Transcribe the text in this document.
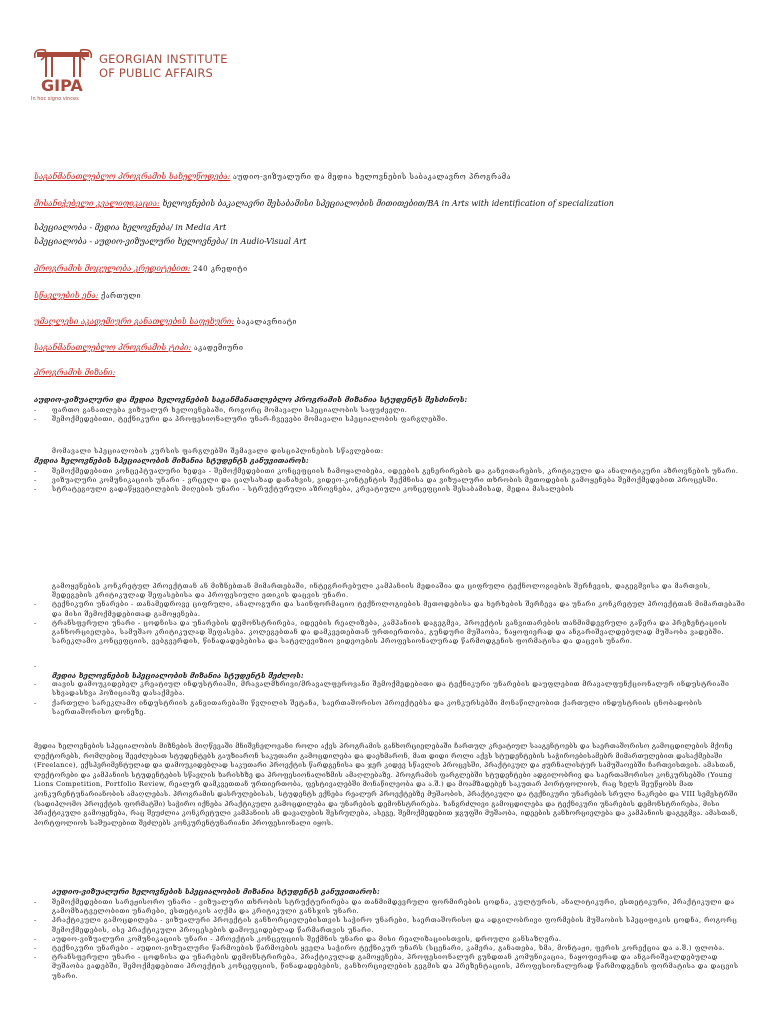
GIPA
GEORGIAN INSTITUTE
OF PUBLIC AFFAIRS
In hoc signo vinces
საგანმანათლებლო პროგრამის სახელწოდება: აუდიო-ვიზუალური და მედია ხელოვნების საბაკალავრო პროგრამა
მისანიჭებელი კვალიფიკაცია: ხელოვნების ბაკალავრი შესაბამისი სპეციალობის მითითებით/BA in Arts with identification of specialization
სპეციალობა - მედია ხელოვნება/ in Media Art
სპეციალობა - აუდიო-ვიზუალური ხელოვნება/ in Audio-Visual Art
პროგრამის მოცულობა კრედიტებით: 240 კრედიტი
სწავლების ენა: ქართული
უმაღლესი აკადემიური განათლების საფეხური: ბაკალავრიატი
საგანმანათლებლო პროგრამის ტიპი: აკადემიური
პროგრამის მიზანი:
აუდიო-ვიზუალური და მედია ხელოვნების საგანმანათლებლო პროგრამის მიზანია სტუდენტს შესძინოს:
- ფართო განათლება ვიზუალურ ხელოვნებაში, როგორც მომავალი სპეციალობის საფუძველი.
- შემოქმედებითი, ტექნიკური და პროფესიონალური უნარ-ჩვევები მომავალი სპეციალობის ფარგლებში.
მომავალი სპეციალობის კურსის ფარგლებში შემავალი დისციპლინების სწავლებით:
მედია ხელოვნების სპეციალობის მიზანია სტუდენტს განუვითაროს:
- შემოქმედებითი კონცეპტუალური ხედვა - შემოქმედებითი კონცეფციის ჩამოყალიბება, იდეების გენერირების და განვითარების, კრიტიკული და ანალიტიკური აზროვნების უნარი.
- ვიზუალური კომუნიკაციის უნარი - ვრცელი და ცალსახად დანახვის, ვიდეო-კონტენტის შექმნისა და ვიზუალური თხრობის მეთოდების გამოყენება შემოქმედებით პროცესში.
- სტრატეგიული გადაწყვეტილების მიღების უნარი - სტრუქტურული აზროვნება, კრეატიული კონცეფციის შესაბამისად, მედია მასალების
გამოყენების კონკრეტულ პროექტთან ან მიზნებთან მიმართებაში, ინტეგრირებული კამპანიის მედიაშია და ციფრული ტექნოლოგიების შერჩევის, დაგეგმვისა და მართვის, შედეგების კრიტიკულად შეფასებისა და პროფესიული ეთიკის დაცვის უნარი.
- ტექნიკური უნარები - თანამედროვე ციფრული, ანალოგური და საინფორმაციო ტექნოლოგიების მეთოდებისა და ხერხების შერჩევა და უნარი კონკრეტულ პროექტთან მიმართებაში და მისი შემოქმედებითად გამოყენება.
- ტრანსფერული უნარი - ცოდნისა და უნარების დემონსტრირება, იდეების რეალიზება, კამპანიის დაგეგმვა, პროექტის განვითარების თანმიმდევრული გაწერა და პრეზენტაციის განხორციელება, სამუშაო კრიტიკულად შეფასება. კოლეგებთან და დამკვეთებთან ურთიერთობა, გუნდური მუშაობა, ნაყოფიერად და ანგარიშვალდებულად მუშაობა ვადებში. სარეკლამო კონცეფციის, ვებგვერდის, წინადადებებისა და სატელევიზიო ვიდეოების პროფესიონალურად წარმოდგენის ფორმატისა და დაცვის უნარი.
-
მედია ხელოვნების სპეციალობის მიზანია სტუდენტს შეძლოს:
- თავის დამოუკიდებელ კრეატიულ ინდუსტრიაში, მრავალმხრივი/მრავალფეროვანი შემოქმედებითი და ტექნიკური უნარების დაუფლებით მრავალფუნქციონალურ ინდუსტრიაში სხვადასხვა პოზიციაზე დასაქმება.
- ქართული სარეკლამო ინდუსტრიის განვითარებაში წვლილის შეტანა, საერთაშორისო პროექტებსა და კონკურსებში მონაწილეობით ქართული ინდუსტრიის ცნობადობის საერთაშორისო დონეზე.
მედია ხელოვნების სპეციალობის მიზნების მიღწევაში მნიშვნელოვანი როლი აქვს პროგრამის განხორციელებაში ჩართულ კრეატიულ სააგენტოებს და საერთაშორისო გამოცდილების მქონე ლექტორებს, რომლებიც შეეძლებათ სტუდენტებს გაუზიარონ საკუთარი გამოცდილება და დაეხმარონ, მათ დიდი როლი აქვს სტუდენტების საჭიროებისამებრ მიმართულებით დასაქმებაში (Freelance), ექსპერიმენტულად და დამოუკიდებლად საკუთარი პროექტის წარდგენისა და ჯერ კიდევ სწავლის პროცესში, პრაქტიკულ და ჟურნალისტურ სამუშაოებში ჩართვისთვის. ამასთან, ლექტორები და კამპანიის სტუდენტების სწავლის ხარისხზე და პროფესიონალიზმის ამაღლებაზე. პროგრამის ფარგლებში სტუდენტები ადგილობრივ და საერთაშორისო კონკურსებში (Young Lions Competition, Portfolio Review, რეალურ დამკვეთთან ურთიერთობა, ფესტივალებში მონაწილეობა და ა.შ.) და მოამზადებენ საკუთარ პორტფოლიოს, რაც ხელს შეუწყობს მათ კონკურენტუნარიანობის ამაღლებას. პროგრამის დასრულებისას, სტუდენტს ექნება რეალურ პროექტებზე მუშაობის, პრაქტიკული და ტექნიკური უნარების სრული ნაკრები და VIII სემესტრში (სადიპლომო პროექტის ფორმატში) საჭირო იქნება პრაქტიკული გამოცდილება და უნარების დემონსტრირება. ხანგრძლივი გამოცდილება და ტექნიკური უნარების დემონსტრირება, მისი პრაქტიკული გამოყენება, რაც შეუძლია კონკრეტული კამპანიის ან დავალების შესრულება, ასევე, შემოქმედებით ჯგუფში მუშაობა, იდეების განხორციელება და კამპანიის დაგეგმვა. ამასთან, პორტფოლიოს საშუალებით შეძლებს კონკურენტუნარიანი პროფესიონალი იყოს.
აუდიო-ვიზუალური ხელოვნების სპეციალობის მიზანია სტუდენტს განუვითაროს:
- შემოქმედებითი სარეჟისორო უნარი - ვიზუალური თხრობის სტრუქტურირება და თანმიმდევრული ფორმირების ცოდნა, კულტურის, ანალიტიკური, ესთეტიკური, პრაქტიკული და გამომხატველობითი უნარები, ესთეტიკის აღქმა და კრიტიკული განსჯის უნარი.
- პრაქტიკული გამოცდილება - ვიზუალური პროექტის განხორციელებისთვის საჭირო უნარები, საერთაშორისო და ადგილობრივი ფორმების მუშაობის სპეციფიკის ცოდნა, როგორც შემოქმედების, ისე პრაქტიკული პროცესების დამოუკიდებლად წარმართვის უნარი.
- აუდიო-ვიზუალური კომუნიკაციის უნარი - პროექტის კონცეფციის შექმნის უნარი და მისი რეალიზაციისთვის, დროული განსაზღვრა.
- ტექნიკური უნარები - აუდიო-ვიზუალური წარმოების წარმოების ყველა საჭირო ტექნიკურ უნარს (სცენარი, კამერა, განათება, ხმა, მონტაჟი, ფერის კორექცია და ა.შ.) ფლობა.
- ტრანსფერული უნარი - ცოდნისა და უნარების დემონსტრირება, პრაქტიკულად გამოყენება, პროფესიონალურ გუნდთან კომუნიკაცია, ნაყოფიერად და ანგარიშვალდებულად მუშაობა ვადებში, შემოქმედებითი პროექტის კონცეფციის, წინადადებების, განხორციელების გეგმის და პრეზენტაციის, პროფესიონალურად წარმოდგენის ფორმატისა და დაცვის უნარი.
